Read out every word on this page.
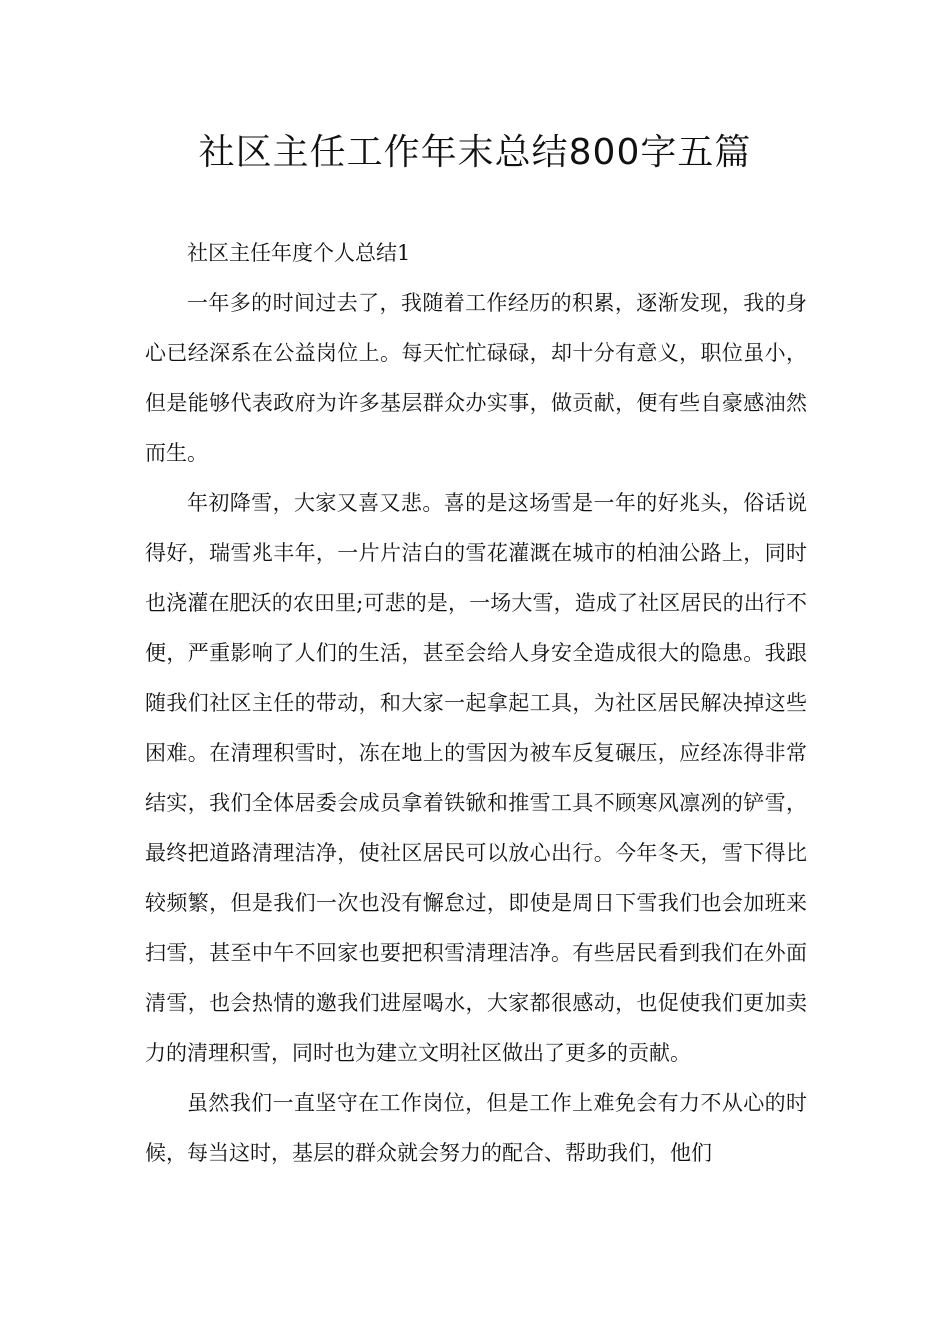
社区主任工作年末总结800字五篇

社区主任年度个人总结1

一年多的时间过去了，我随着工作经历的积累，逐渐发现，我的身心已经深系在公益岗位上。每天忙忙碌碌，却十分有意义，职位虽小，但是能够代表政府为许多基层群众办实事，做贡献，便有些自豪感油然而生。

年初降雪，大家又喜又悲。喜的是这场雪是一年的好兆头，俗话说得好，瑞雪兆丰年，一片片洁白的雪花灌溉在城市的柏油公路上，同时也浇灌在肥沃的农田里;可悲的是，一场大雪，造成了社区居民的出行不便，严重影响了人们的生活，甚至会给人身安全造成很大的隐患。我跟随我们社区主任的带动，和大家一起拿起工具，为社区居民解决掉这些困难。在清理积雪时，冻在地上的雪因为被车反复碾压，应经冻得非常结实，我们全体居委会成员拿着铁锨和推雪工具不顾寒风凛冽的铲雪，最终把道路清理洁净，使社区居民可以放心出行。今年冬天，雪下得比较频繁，但是我们一次也没有懈怠过，即使是周日下雪我们也会加班来扫雪，甚至中午不回家也要把积雪清理洁净。有些居民看到我们在外面清雪，也会热情的邀我们进屋喝水，大家都很感动，也促使我们更加卖力的清理积雪，同时也为建立文明社区做出了更多的贡献。

虽然我们一直坚守在工作岗位，但是工作上难免会有力不从心的时候，每当这时，基层的群众就会努力的配合、帮助我们，他们
